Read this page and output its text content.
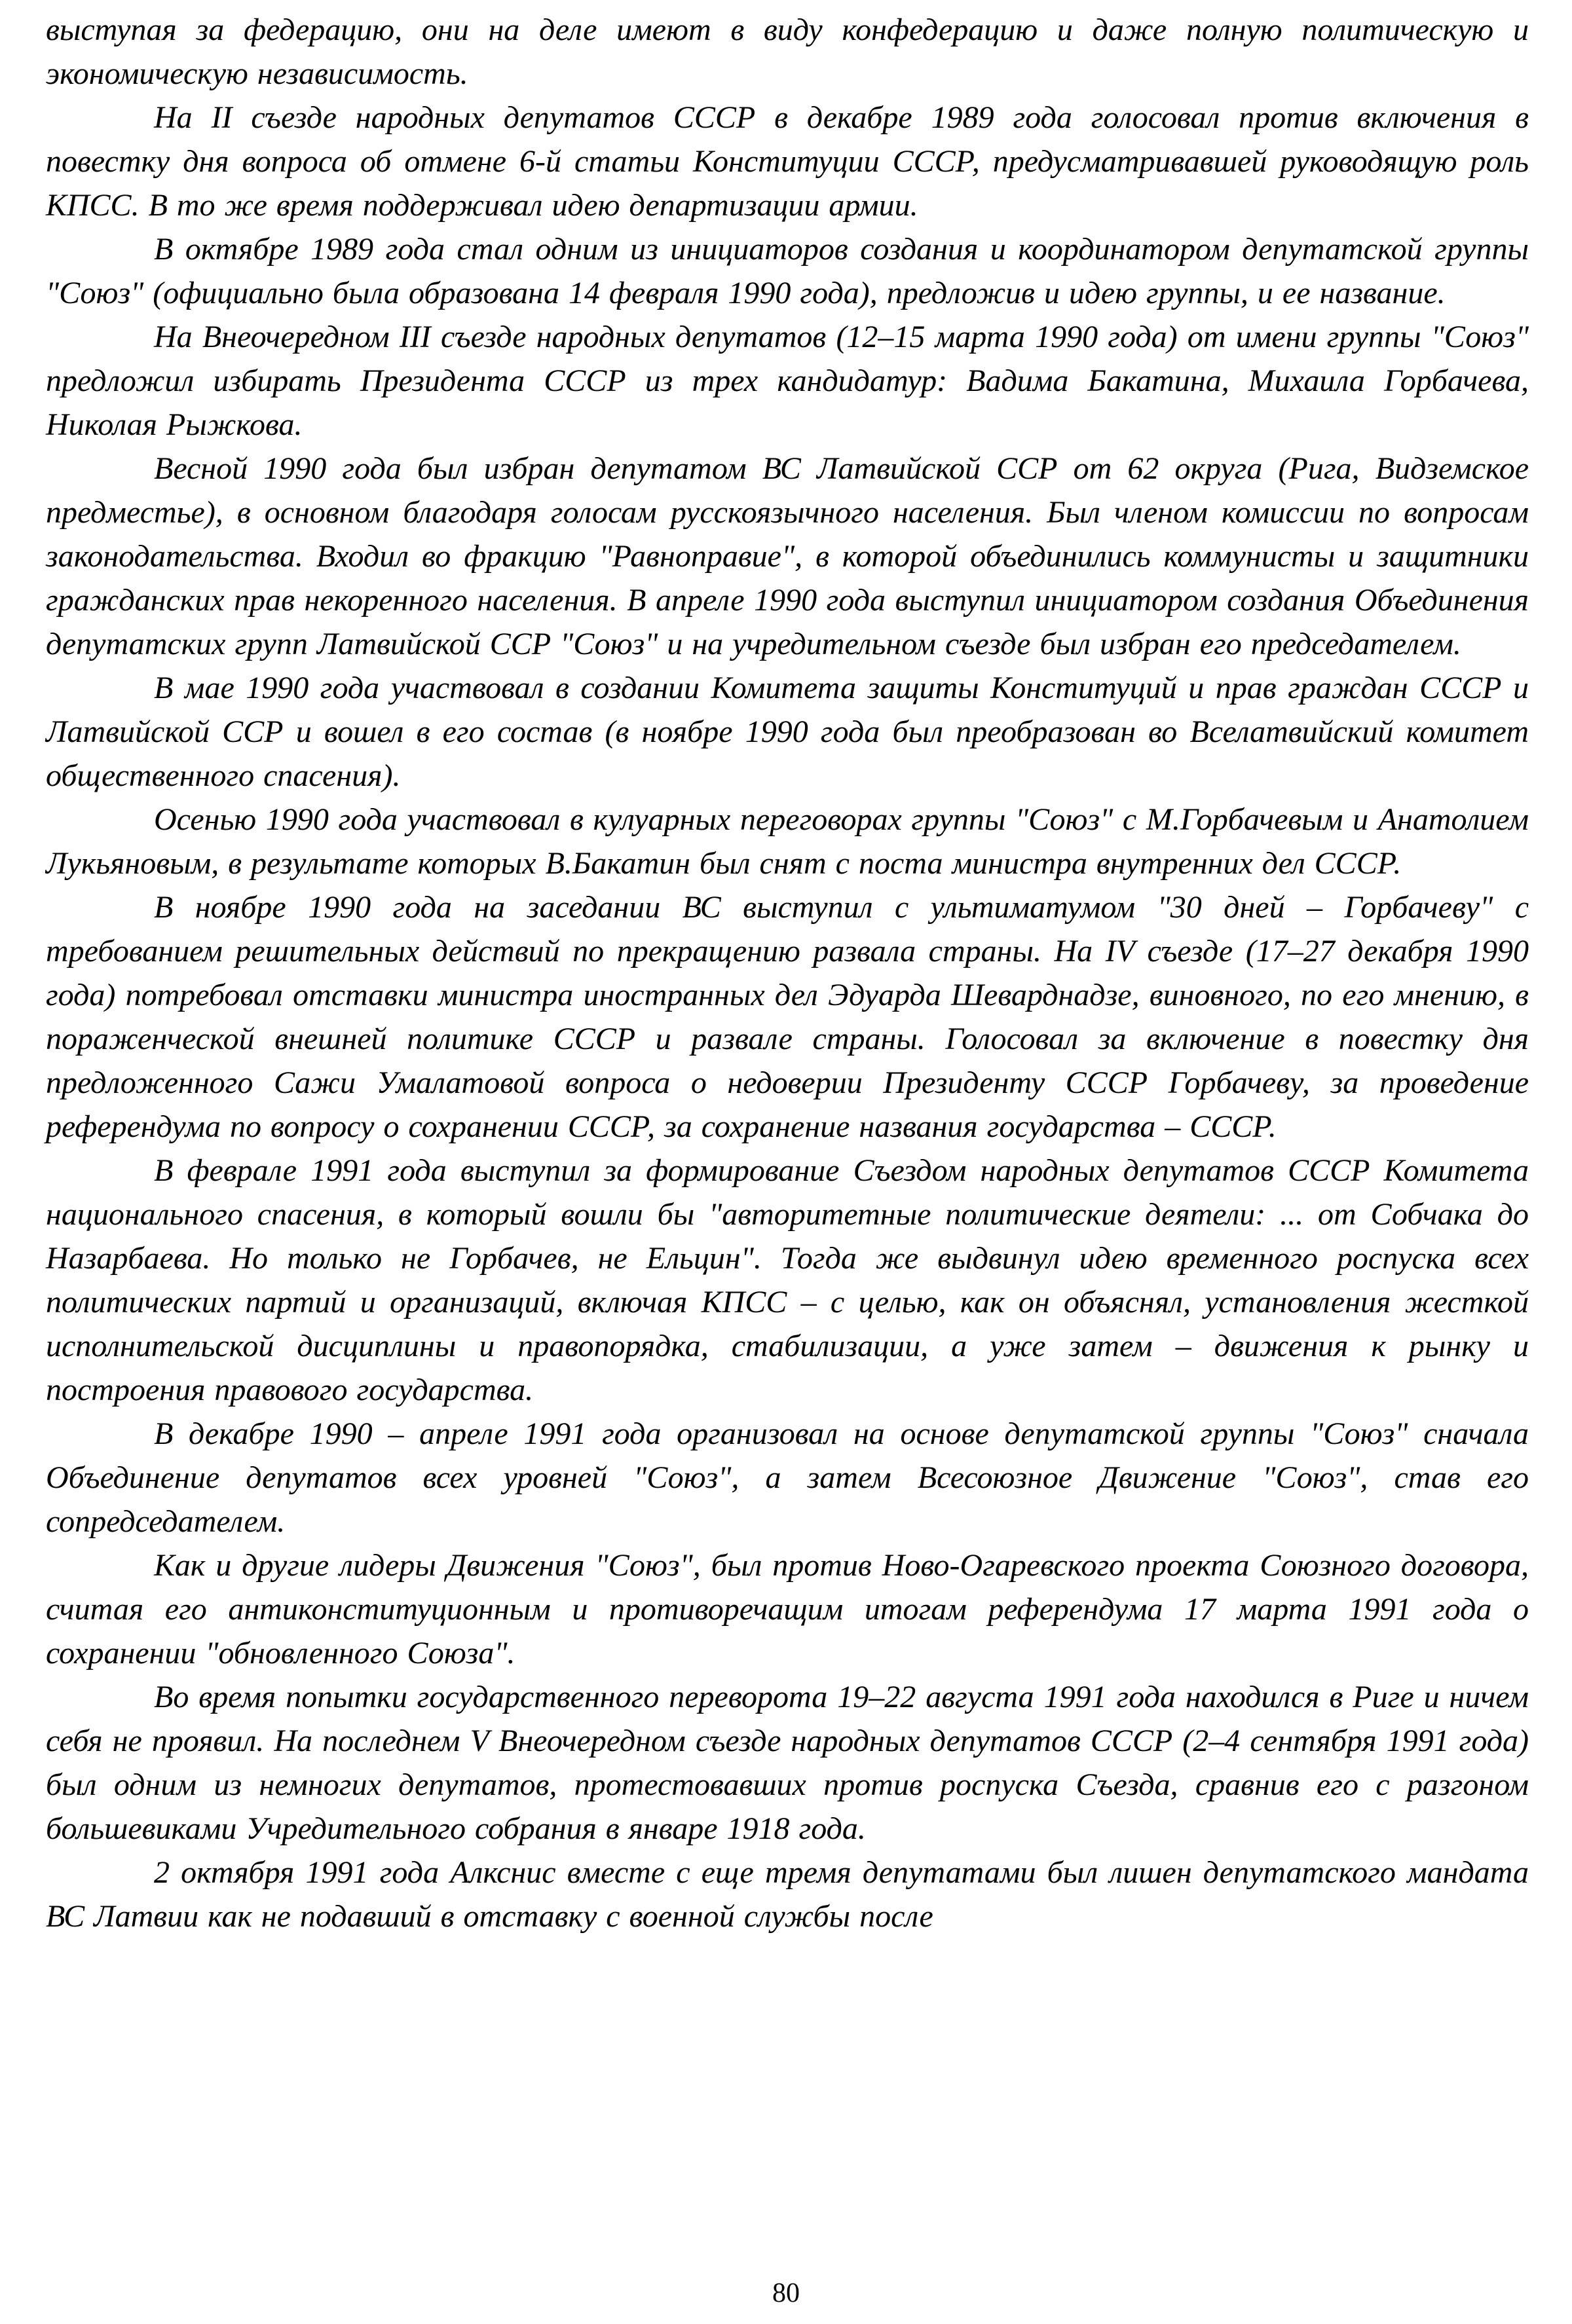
выступая за федерацию, они на деле имеют в виду конфедерацию и даже полную политическую и экономическую независимость.

На II съезде народных депутатов СССР в декабре 1989 года голосовал против включения в повестку дня вопроса об отмене 6-й статьи Конституции СССР, предусматривавшей руководящую роль КПСС. В то же время поддерживал идею департизации армии.

В октябре 1989 года стал одним из инициаторов создания и координатором депутатской группы "Союз" (официально была образована 14 февраля 1990 года), предложив и идею группы, и ее название.

На Внеочередном III съезде народных депутатов (12–15 марта 1990 года) от имени группы "Союз" предложил избирать Президента СССР из трех кандидатур: Вадима Бакатина, Михаила Горбачева, Николая Рыжкова.

Весной 1990 года был избран депутатом ВС Латвийской ССР от 62 округа (Рига, Видземское предместье), в основном благодаря голосам русскоязычного населения. Был членом комиссии по вопросам законодательства. Входил во фракцию "Равноправие", в которой объединились коммунисты и защитники гражданских прав некоренного населения. В апреле 1990 года выступил инициатором создания Объединения депутатских групп Латвийской ССР "Союз" и на учредительном съезде был избран его председателем.

В мае 1990 года участвовал в создании Комитета защиты Конституций и прав граждан СССР и Латвийской ССР и вошел в его состав (в ноябре 1990 года был преобразован во Вселатвийский комитет общественного спасения).

Осенью 1990 года участвовал в кулуарных переговорах группы "Союз" с М.Горбачевым и Анатолием Лукьяновым, в результате которых В.Бакатин был снят с поста министра внутренних дел СССР.

В ноябре 1990 года на заседании ВС выступил с ультиматумом "30 дней – Горбачеву" с требованием решительных действий по прекращению развала страны. На IV съезде (17–27 декабря 1990 года) потребовал отставки министра иностранных дел Эдуарда Шеварднадзе, виновного, по его мнению, в пораженческой внешней политике СССР и развале страны. Голосовал за включение в повестку дня предложенного Сажи Умалатовой вопроса о недоверии Президенту СССР Горбачеву, за проведение референдума по вопросу о сохранении СССР, за сохранение названия государства – СССР.

В феврале 1991 года выступил за формирование Съездом народных депутатов СССР Комитета национального спасения, в который вошли бы "авторитетные политические деятели: ... от Собчака до Назарбаева. Но только не Горбачев, не Ельцин". Тогда же выдвинул идею временного роспуска всех политических партий и организаций, включая КПСС – с целью, как он объяснял, установления жесткой исполнительской дисциплины и правопорядка, стабилизации, а уже затем – движения к рынку и построения правового государства.

В декабре 1990 – апреле 1991 года организовал на основе депутатской группы "Союз" сначала Объединение депутатов всех уровней "Союз", а затем Всесоюзное Движение "Союз", став его сопредседателем.

Как и другие лидеры Движения "Союз", был против Ново-Огаревского проекта Союзного договора, считая его антиконституционным и противоречащим итогам референдума 17 марта 1991 года о сохранении "обновленного Союза".

Во время попытки государственного переворота 19–22 августа 1991 года находился в Риге и ничем себя не проявил. На последнем V Внеочередном съезде народных депутатов СССР (2–4 сентября 1991 года) был одним из немногих депутатов, протестовавших против роспуска Съезда, сравнив его с разгоном большевиками Учредительного собрания в январе 1918 года.

2 октября 1991 года Алкснис вместе с еще тремя депутатами был лишен депутатского мандата ВС Латвии как не подавший в отставку с военной службы после

80
